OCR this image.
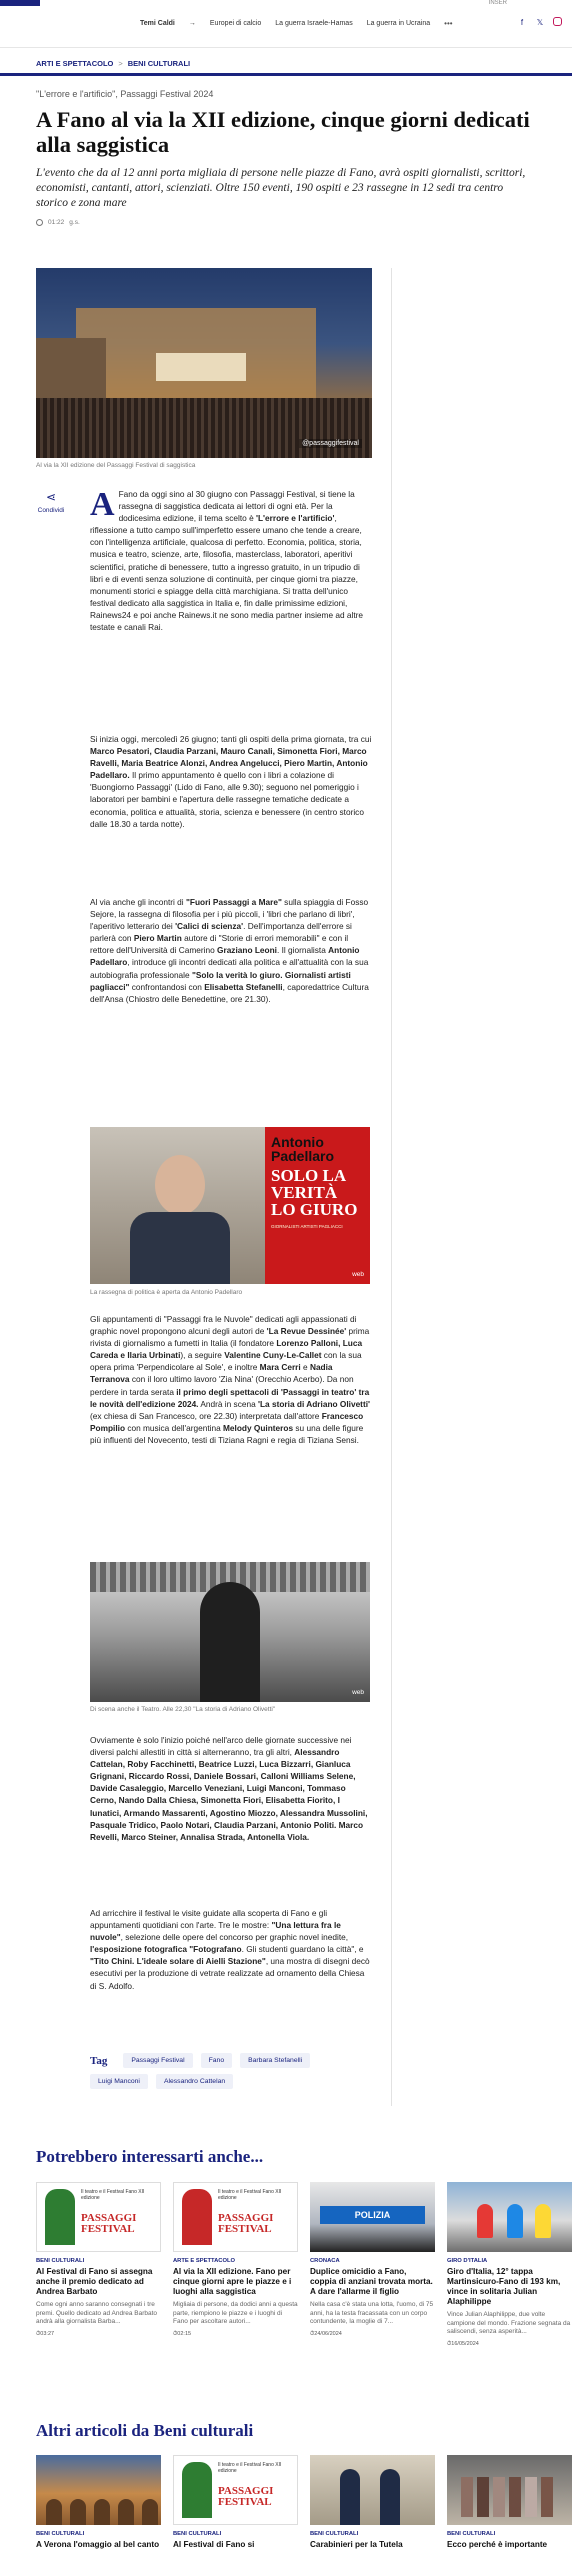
INSER
Temi Caldi → Europei di calcio La guerra Israele-Hamas La guerra in Ucraina •••	f	𝕏
ARTI E SPETTACOLO > BENI CULTURALI
"L'errore e l'artificio", Passaggi Festival 2024
A Fano al via la XII edizione, cinque giorni dedicati alla saggistica
L'evento che da al 12 anni porta migliaia di persone nelle piazze di Fano, avrà ospiti giornalisti, scrittori, economisti, cantanti, attori, scienziati. Oltre 150 eventi, 190 ospiti e 23 rassegne in 12 sedi tra centro storico e zona mare
01:22 g.s.
@passaggifestival
Al via la XII edizione del Passaggi Festival di saggistica
⋖
Condividi A Fano da oggi sino al 30 giugno con Passaggi Festival, si tiene la rassegna di saggistica dedicata ai lettori di ogni età. Per la dodicesima edizione, il tema scelto è 'L'errore e l'artificio', riflessione a tutto campo sull'imperfetto essere umano che tende a creare, con l'intelligenza artificiale, qualcosa di perfetto. Economia, politica, storia, musica e teatro, scienze, arte, filosofia, masterclass, laboratori, aperitivi scientifici, pratiche di benessere, tutto a ingresso gratuito, in un tripudio di libri e di eventi senza soluzione di continuità, per cinque giorni tra piazze, monumenti storici e spiagge della città marchigiana. Si tratta dell'unico festival dedicato alla saggistica in Italia e, fin dalle primissime edizioni, Rainews24 e poi anche Rainews.it ne sono media partner insieme ad altre testate e canali Rai.

Si inizia oggi, mercoledì 26 giugno; tanti gli ospiti della prima giornata, tra cui Marco Pesatori, Claudia Parzani, Mauro Canali, Simonetta Fiori, Marco Ravelli, Maria Beatrice Alonzi, Andrea Angelucci, Piero Martin, Antonio Padellaro. Il primo appuntamento è quello con i libri a colazione di 'Buongiorno Passaggi' (Lido di Fano, alle 9.30); seguono nel pomeriggio i laboratori per bambini e l'apertura delle rassegne tematiche dedicate a economia, politica e attualità, storia, scienza e benessere (in centro storico dalle 18.30 a tarda notte).
Al via anche gli incontri di "Fuori Passaggi a Mare" sulla spiaggia di Fosso Sejore, la rassegna di filosofia per i più piccoli, i 'libri che parlano di libri', l'aperitivo letterario dei 'Calici di scienza'. Dell'importanza dell'errore si parlerà con Piero Martin autore di "Storie di errori memorabili" e con il rettore dell'Università di Camerino Graziano Leoni. Il giornalista Antonio Padellaro, introduce gli incontri dedicati alla politica e all'attualità con la sua autobiografia professionale "Solo la verità lo giuro. Giornalisti artisti pagliacci" confrontandosi con Elisabetta Stefanelli, caporedattrice Cultura dell'Ansa (Chiostro delle Benedettine, ore 21.30).
Antonio Padellaro
SOLO LA VERITÀ LO GIURO
GIORNALISTI ARTISTI PAGLIACCI
web
La rassegna di politica è aperta da Antonio Padellaro
Gli appuntamenti di "Passaggi fra le Nuvole" dedicati agli appassionati di graphic novel propongono alcuni degli autori de 'La Revue Dessinée' prima rivista di giornalismo a fumetti in Italia (il fondatore Lorenzo Palloni, Luca Careda e Ilaria Urbinati), a seguire Valentine Cuny-Le-Callet con la sua opera prima 'Perpendicolare al Sole', e inoltre Mara Cerri e Nadia Terranova con il loro ultimo lavoro 'Zia Nina' (Orecchio Acerbo). Da non perdere in tarda serata il primo degli spettacoli di 'Passaggi in teatro' tra le novità dell'edizione 2024. Andrà in scena 'La storia di Adriano Olivetti' (ex chiesa di San Francesco, ore 22.30) interpretata dall'attore Francesco Pompilio con musica dell'argentina Melody Quinteros su una delle figure più influenti del Novecento, testi di Tiziana Ragni e regia di Tiziana Sensi.
web
Di scena anche il Teatro. Alle 22,30 "La storia di Adriano Olivetti"
Ovviamente è solo l'inizio poiché nell'arco delle giornate successive nei diversi palchi allestiti in città si alterneranno, tra gli altri, Alessandro Cattelan, Roby Facchinetti, Beatrice Luzzi, Luca Bizzarri, Gianluca Grignani, Riccardo Rossi, Daniele Bossari, Calloni Williams Selene, Davide Casaleggio, Marcello Veneziani, Luigi Manconi, Tommaso Cerno, Nando Dalla Chiesa, Simonetta Fiori, Elisabetta Fiorito, I lunatici, Armando Massarenti, Agostino Miozzo, Alessandra Mussolini, Pasquale Tridico, Paolo Notari, Claudia Parzani, Antonio Politi. Marco Revelli, Marco Steiner, Annalisa Strada, Antonella Viola.
Ad arricchire il festival le visite guidate alla scoperta di Fano e gli appuntamenti quotidiani con l'arte. Tre le mostre: "Una lettura fra le nuvole", selezione delle opere del concorso per graphic novel inedite, l'esposizione fotografica "Fotografano. Gli studenti guardano la città", e "Tito Chini. L'ideale solare di Aielli Stazione", una mostra di disegni decò esecutivi per la produzione di vetrate realizzate ad ornamento della Chiesa di S. Adolfo.
Tag	Passaggi Festival	Fano	Barbara Stefanelli
Luigi Manconi	Alessandro Cattelan
Potrebbero interessarti anche...
Il teatro e il Festival Fano XII edizione
PASSAGGI FESTIVAL
BENI CULTURALI
Al Festival di Fano si assegna anche il premio dedicato ad Andrea Barbato
Come ogni anno saranno consegnati i tre premi. Quello dedicato ad Andrea Barbato andrà alla giornalista Barba...
⏱03:27
Il teatro e il Festival Fano XII edizione
PASSAGGI FESTIVAL
ARTE E SPETTACOLO
Al via la XII edizione. Fano per cinque giorni apre le piazze e i luoghi alla saggistica
Migliaia di persone, da dodici anni a questa parte, riempiono le piazze e i luoghi di Fano per ascoltare autori...
⏱02:15
POLIZIA
CRONACA
Duplice omicidio a Fano, coppia di anziani trovata morta. A dare l'allarme il figlio
Nella casa c'è stata una lotta, l'uomo, di 75 anni, ha la testa fracassata con un corpo contundente, la moglie di 7...
⏱24/06/2024
GIRO D'ITALIA
Giro d'Italia, 12° tappa Martinsicuro-Fano di 193 km, vince in solitaria Julian Alaphilippe
Vince Julian Alaphilippe, due volte campione del mondo. Frazione segnata da saliscendi, senza asperità...
⏱16/05/2024
Altri articoli da Beni culturali
BENI CULTURALI
A Verona l'omaggio al bel canto
Il teatro e il Festival Fano XII edizione
PASSAGGI FESTIVAL
BENI CULTURALI
Al Festival di Fano si
BENI CULTURALI
Carabinieri per la Tutela
BENI CULTURALI
Ecco perché è importante
